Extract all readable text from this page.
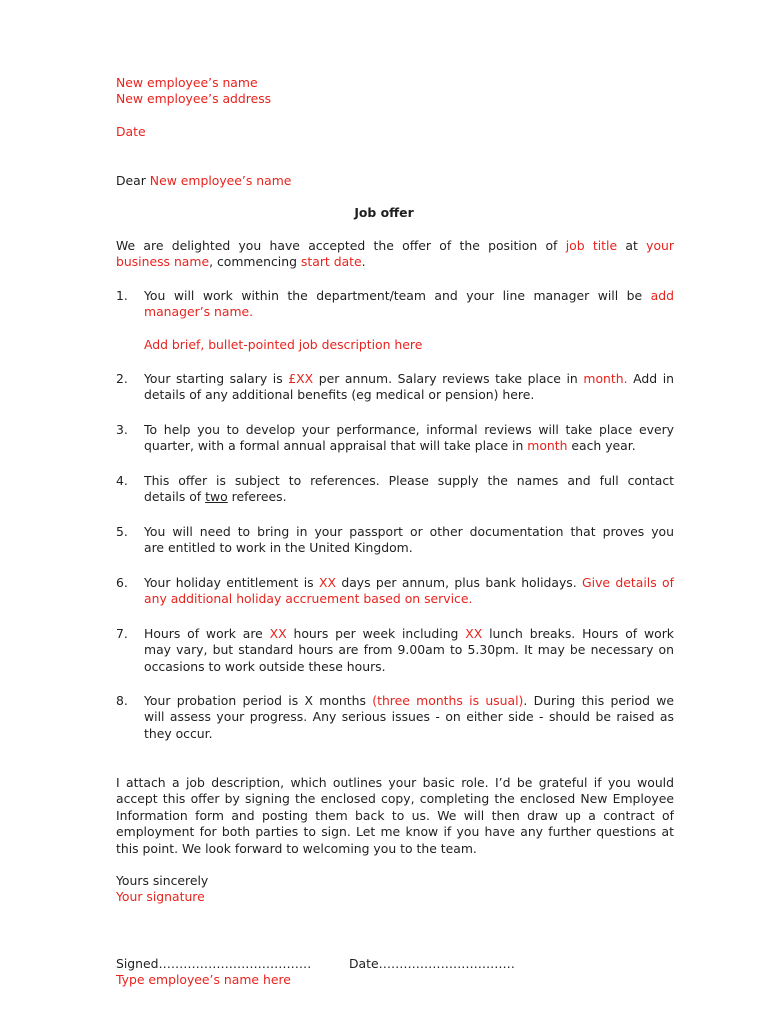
New employee’s name
New employee’s address
Date
Dear New employee’s name
Job offer
We are delighted you have accepted the offer of the position of job title at your
business name, commencing start date.
1. You will work within the department/team and your line manager will be add
manager’s name.
Add brief, bullet-pointed job description here
2. Your starting salary is £XX per annum. Salary reviews take place in month. Add in
details of any additional benefits (eg medical or pension) here.
3. To help you to develop your performance, informal reviews will take place every
quarter, with a formal annual appraisal that will take place in month each year.
4. This offer is subject to references. Please supply the names and full contact
details of two referees.
5. You will need to bring in your passport or other documentation that proves you
are entitled to work in the United Kingdom.
6. Your holiday entitlement is XX days per annum, plus bank holidays. Give details of
any additional holiday accruement based on service.
7. Hours of work are XX hours per week including XX lunch breaks. Hours of work
may vary, but standard hours are from 9.00am to 5.30pm. It may be necessary on
occasions to work outside these hours.
8. Your probation period is X months (three months is usual). During this period we
will assess your progress. Any serious issues - on either side - should be raised as
they occur.
I attach a job description, which outlines your basic role. I’d be grateful if you would
accept this offer by signing the enclosed copy, completing the enclosed New Employee
Information form and posting them back to us. We will then draw up a contract of
employment for both parties to sign. Let me know if you have any further questions at
this point. We look forward to welcoming you to the team.
Yours sincerely
Your signature
Signed……………………………….	Date……………………………
Type employee’s name here
